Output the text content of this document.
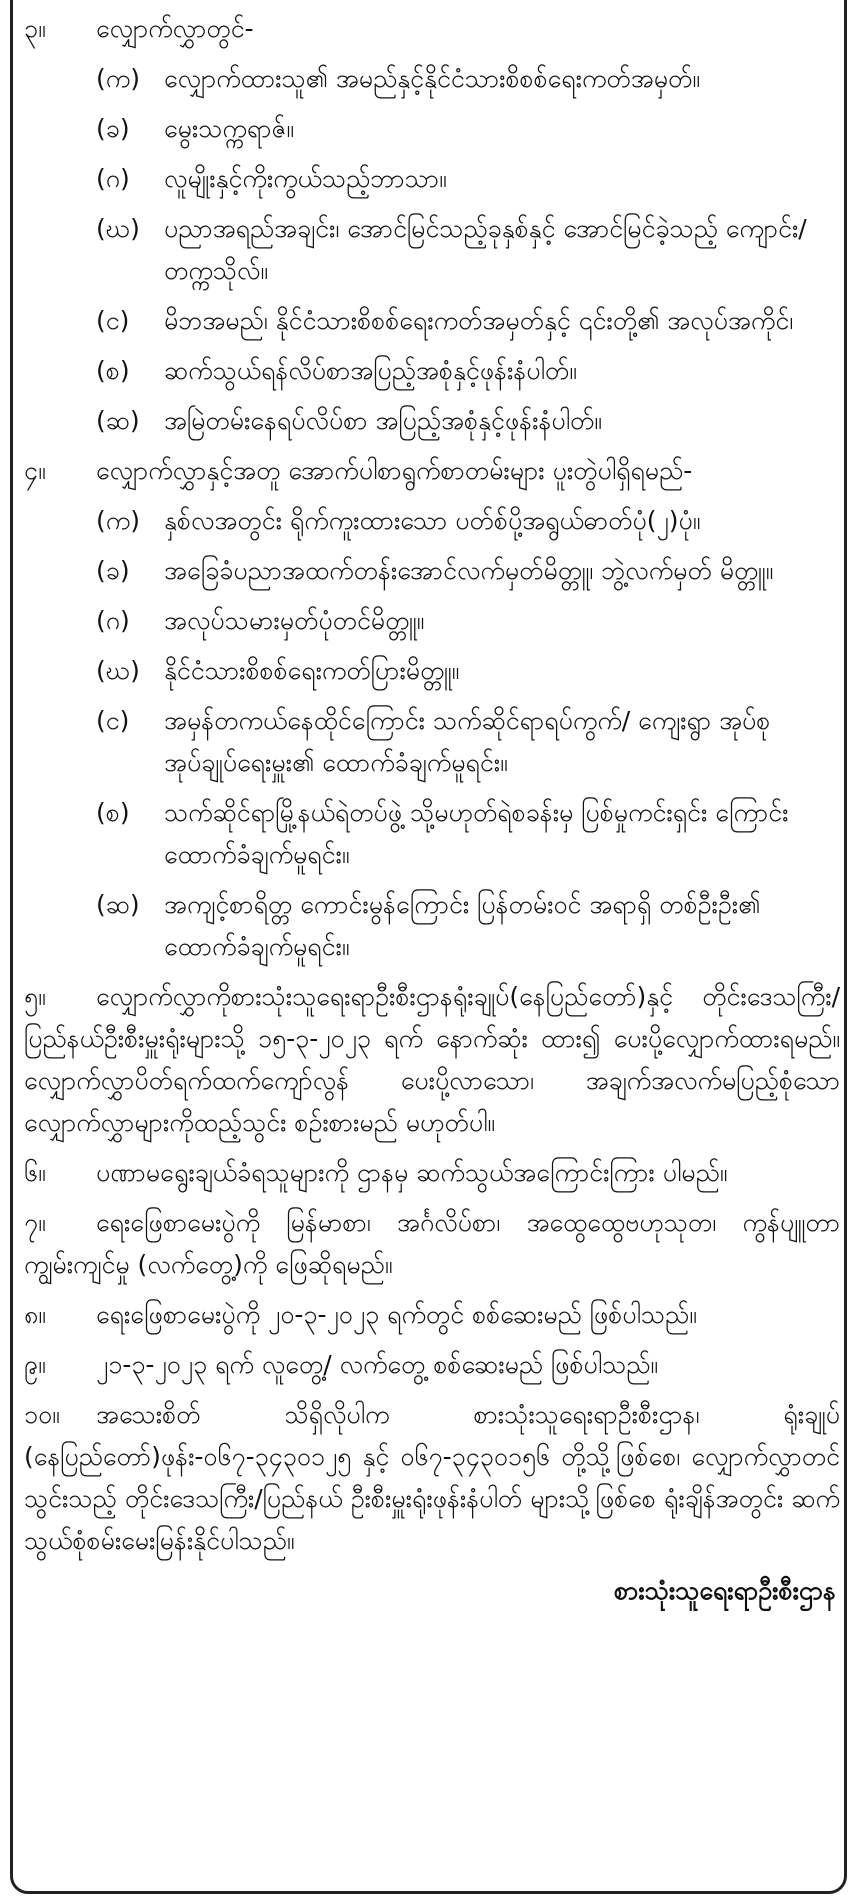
၃။	လျှောက်လွှာတွင်-
(က) လျှောက်ထားသူ၏ အမည်နှင့်နိုင်ငံသားစိစစ်ရေးကတ်အမှတ်။
(ခ)	မွေးသက္ကရာဇ်။
(ဂ)	လူမျိုးနှင့်ကိုးကွယ်သည့်ဘာသာ။
(ဃ) ပညာအရည်အချင်း၊ အောင်မြင်သည့်ခုနှစ်နှင့် အောင်မြင်ခဲ့သည့် ကျောင်း/တက္ကသိုလ်။
(င)	မိဘအမည်၊ နိုင်ငံသားစိစစ်ရေးကတ်အမှတ်နှင့် ၎င်းတို့၏ အလုပ်အကိုင်၊
(စ)	ဆက်သွယ်ရန်လိပ်စာအပြည့်အစုံနှင့်ဖုန်းနံပါတ်။
(ဆ) အမြဲတမ်းနေရပ်လိပ်စာ အပြည့်အစုံနှင့်ဖုန်းနံပါတ်။
၄။	လျှောက်လွှာနှင့်အတူ အောက်ပါစာရွက်စာတမ်းများ ပူးတွဲပါရှိရမည်-
(က) နှစ်လအတွင်း ရိုက်ကူးထားသော ပတ်စ်ပို့အရွယ်ဓာတ်ပုံ(၂)ပုံ။
(ခ)	အခြေခံပညာအထက်တန်းအောင်လက်မှတ်မိတ္တူ၊ ဘွဲ့လက်မှတ် မိတ္တူ။
(ဂ)	အလုပ်သမားမှတ်ပုံတင်မိတ္တူ။
(ဃ) နိုင်ငံသားစိစစ်ရေးကတ်ပြားမိတ္တူ။
(င)	အမှန်တကယ်နေထိုင်ကြောင်း သက်ဆိုင်ရာရပ်ကွက်/ ကျေးရွာ အုပ်စု အုပ်ချုပ်ရေးမှူး၏ ထောက်ခံချက်မူရင်း။
(စ)	သက်ဆိုင်ရာမြို့နယ်ရဲတပ်ဖွဲ့ သို့မဟုတ်ရဲစခန်းမှ ပြစ်မှုကင်းရှင်း ကြောင်းထောက်ခံချက်မူရင်း။
(ဆ) အကျင့်စာရိတ္တ ကောင်းမွန်ကြောင်း ပြန်တမ်းဝင် အရာရှိ တစ်ဦးဦး၏ ထောက်ခံချက်မူရင်း။
၅။ လျှောက်လွှာကိုစားသုံးသူရေးရာဦးစီးဌာနရုံးချုပ်(နေပြည်တော်)နှင့် တိုင်းဒေသကြီး/ပြည်နယ်ဦးစီးမှူးရုံးများသို့ ၁၅-၃-၂၀၂၃ ရက် နောက်ဆုံး ထား၍ ပေးပို့လျှောက်ထားရမည်။ လျှောက်လွှာပိတ်ရက်ထက်ကျော်လွန် ပေးပို့လာသော၊ အချက်အလက်မပြည့်စုံသောလျှောက်လွှာများကိုထည့်သွင်း စဉ်းစားမည် မဟုတ်ပါ။
၆။ ပဏာမရွေးချယ်ခံရသူများကို ဌာနမှ ဆက်သွယ်အကြောင်းကြား ပါမည်။
၇။ ရေးဖြေစာမေးပွဲကို မြန်မာစာ၊ အင်္ဂလိပ်စာ၊ အထွေထွေဗဟုသုတ၊ ကွန်ပျူတာကျွမ်းကျင်မှု (လက်တွေ့)ကို ဖြေဆိုရမည်။
၈။ ရေးဖြေစာမေးပွဲကို ၂၀-၃-၂၀၂၃ ရက်တွင် စစ်ဆေးမည် ဖြစ်ပါသည်။
၉။ ၂၁-၃-၂၀၂၃ ရက် လူတွေ့/ လက်တွေ့ စစ်ဆေးမည် ဖြစ်ပါသည်။
၁၀။ အသေးစိတ် သိရှိလိုပါက စားသုံးသူရေးရာဦးစီးဌာန၊ ရုံးချုပ် (နေပြည်တော်)ဖုန်း-၀၆၇-၃၄၃၀၁၂၅ နှင့် ၀၆၇-၃၄၃၀၁၅၆ တို့သို့ဖြစ်စေ၊ လျှောက်လွှာတင်သွင်းသည့် တိုင်းဒေသကြီး/ပြည်နယ် ဦးစီးမှူးရုံးဖုန်းနံပါတ် များသို့ဖြစ်စေ ရုံးချိန်အတွင်း ဆက်သွယ်စုံစမ်းမေးမြန်းနိုင်ပါသည်။
စားသုံးသူရေးရာဦးစီးဌာန
